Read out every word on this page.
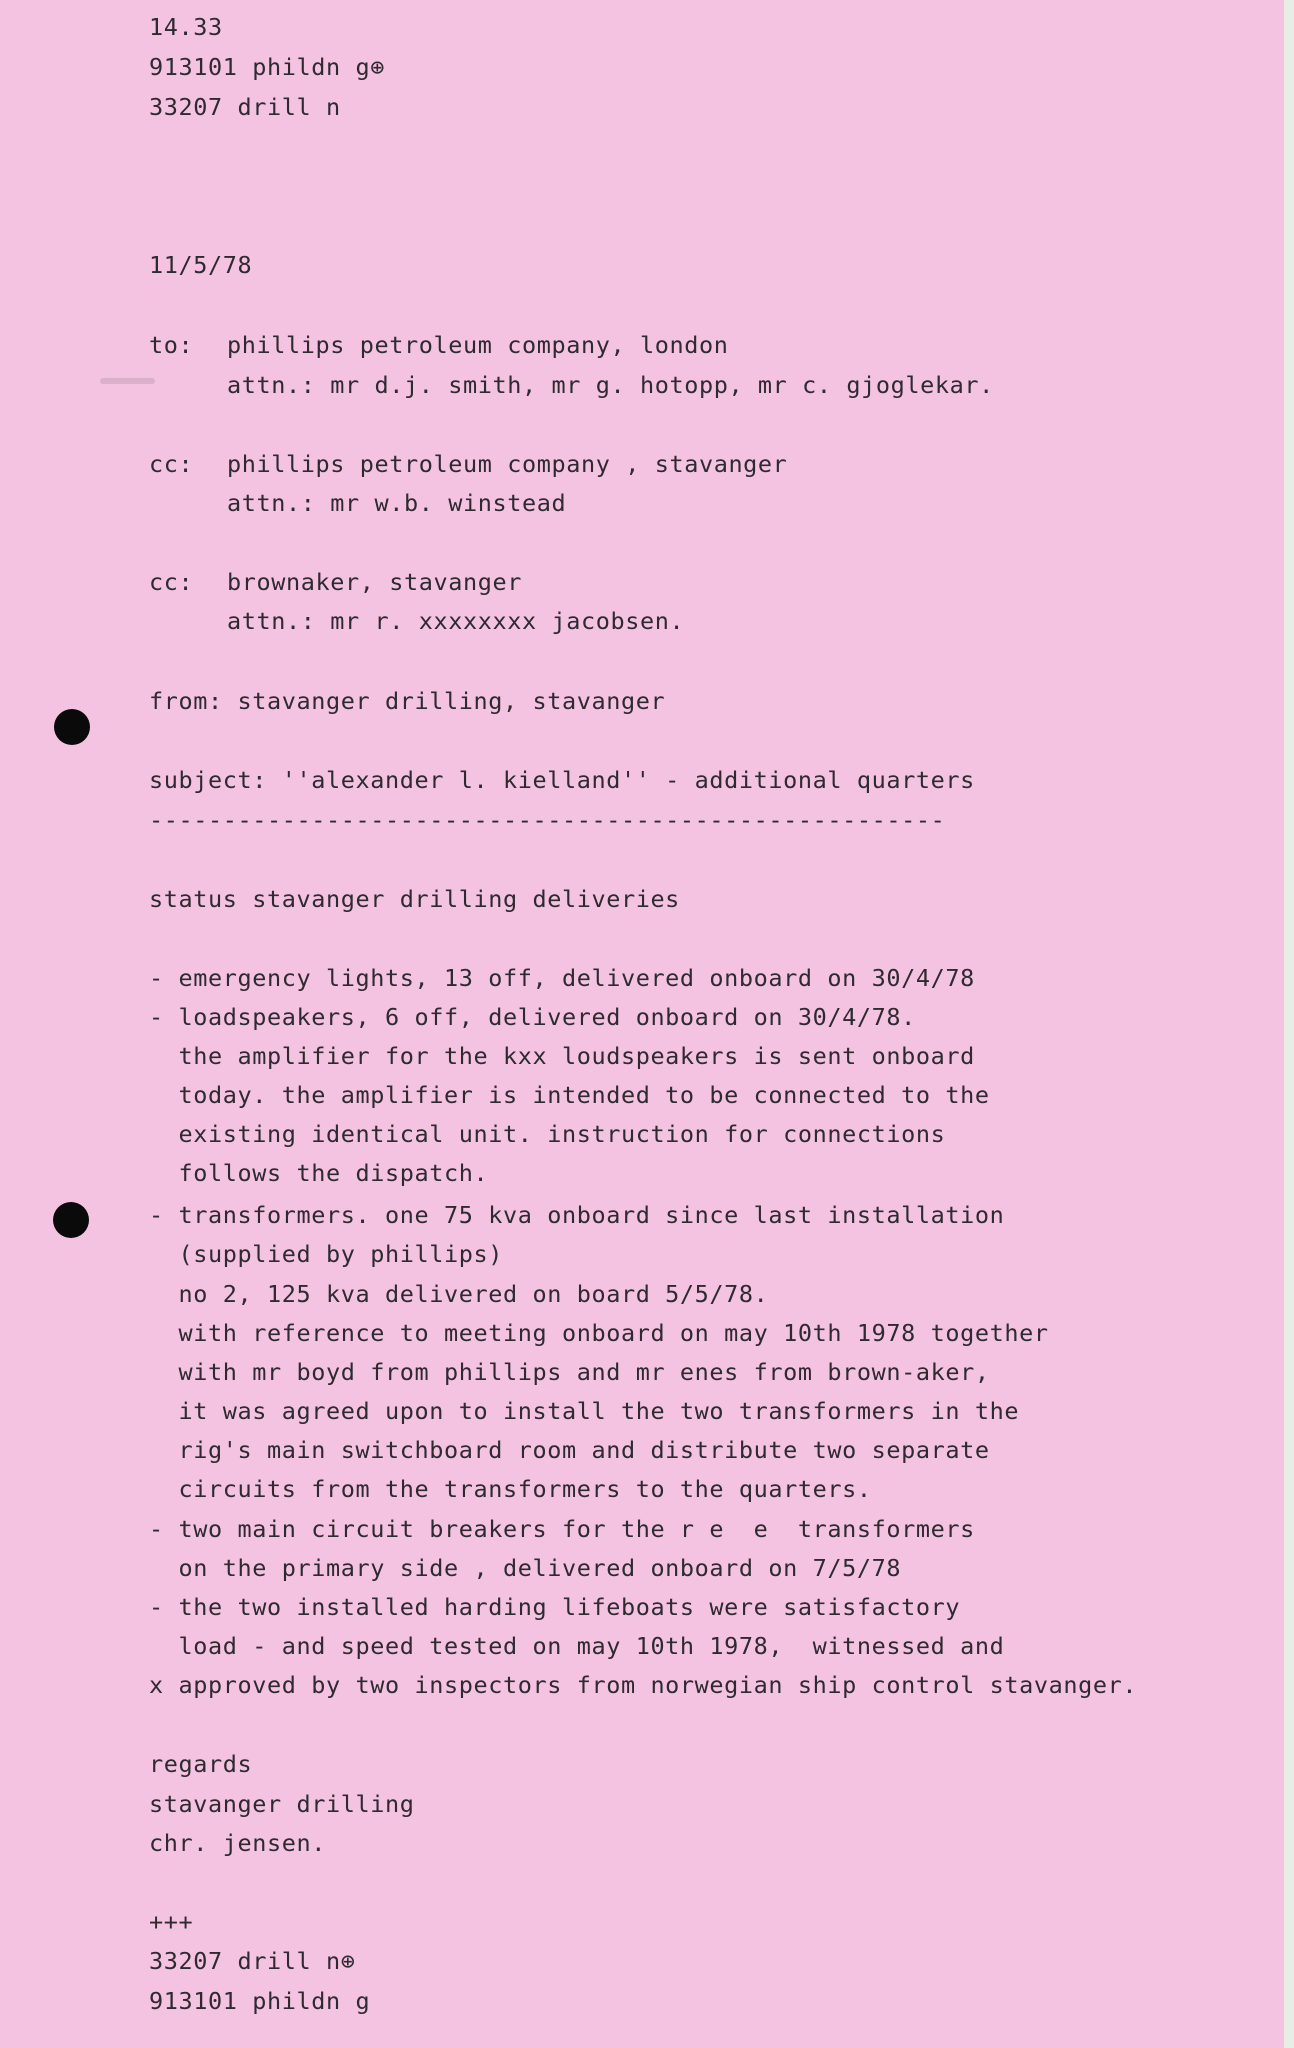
14.33
913101 phildn g⊕
33207 drill n
11/5/78
to: phillips petroleum company, london
attn.: mr d.j. smith, mr g. hotopp, mr c. gjoglekar.
cc: phillips petroleum company , stavanger
attn.: mr w.b. winstead
cc: brownaker, stavanger
attn.: mr r. xxxxxxxx jacobsen.
from: stavanger drilling, stavanger
subject: ''alexander l. kielland'' - additional quarters
------------------------------------------------------
status stavanger drilling deliveries
- emergency lights, 13 off, delivered onboard on 30/4/78
- loadspeakers, 6 off, delivered onboard on 30/4/78.
the amplifier for the kxx loudspeakers is sent onboard
today. the amplifier is intended to be connected to the
existing identical unit. instruction for connections
follows the dispatch.
- transformers. one 75 kva onboard since last installation
(supplied by phillips)
no 2, 125 kva delivered on board 5/5/78.
with reference to meeting onboard on may 10th 1978 together
with mr boyd from phillips and mr enes from brown-aker,
it was agreed upon to install the two transformers in the
rig's main switchboard room and distribute two separate
circuits from the transformers to the quarters.
- two main circuit breakers for the r e  e  transformers
on the primary side , delivered onboard on 7/5/78
- the two installed harding lifeboats were satisfactory
load - and speed tested on may 10th 1978,  witnessed and
x approved by two inspectors from norwegian ship control stavanger.
regards
stavanger drilling
chr. jensen.
+++
33207 drill n⊕
913101 phildn g
